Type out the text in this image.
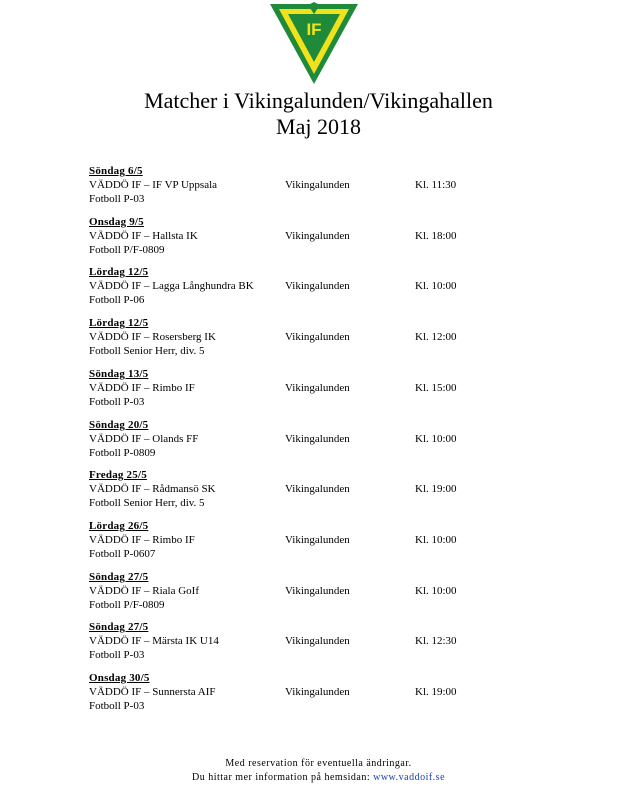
IF
Matcher i Vikingalunden/Vikingahallen
Maj 2018
Söndag 6/5
VÄDDÖ IF – IF VP Uppsala	Vikingalunden	Kl. 11:30
Fotboll P-03
Onsdag 9/5
VÄDDÖ IF – Hallsta IK	Vikingalunden	Kl. 18:00
Fotboll P/F-0809
Lördag 12/5
VÄDDÖ IF – Lagga Långhundra BK	Vikingalunden	Kl. 10:00
Fotboll P-06
Lördag 12/5
VÄDDÖ IF – Rosersberg IK	Vikingalunden	Kl. 12:00
Fotboll Senior Herr, div. 5
Söndag 13/5
VÄDDÖ IF – Rimbo IF	Vikingalunden	Kl. 15:00
Fotboll P-03
Söndag 20/5
VÄDDÖ IF – Olands FF	Vikingalunden	Kl. 10:00
Fotboll P-0809
Fredag 25/5
VÄDDÖ IF – Rådmansö SK	Vikingalunden	Kl. 19:00
Fotboll Senior Herr, div. 5
Lördag 26/5
VÄDDÖ IF – Rimbo IF	Vikingalunden	Kl. 10:00
Fotboll P-0607
Söndag 27/5
VÄDDÖ IF – Riala GoIf	Vikingalunden	Kl. 10:00
Fotboll P/F-0809
Söndag 27/5
VÄDDÖ IF – Märsta IK U14	Vikingalunden	Kl. 12:30
Fotboll P-03
Onsdag 30/5
VÄDDÖ IF – Sunnersta AIF	Vikingalunden	Kl. 19:00
Fotboll P-03
Med reservation för eventuella ändringar.
Du hittar mer information på hemsidan: www.vaddoif.se
